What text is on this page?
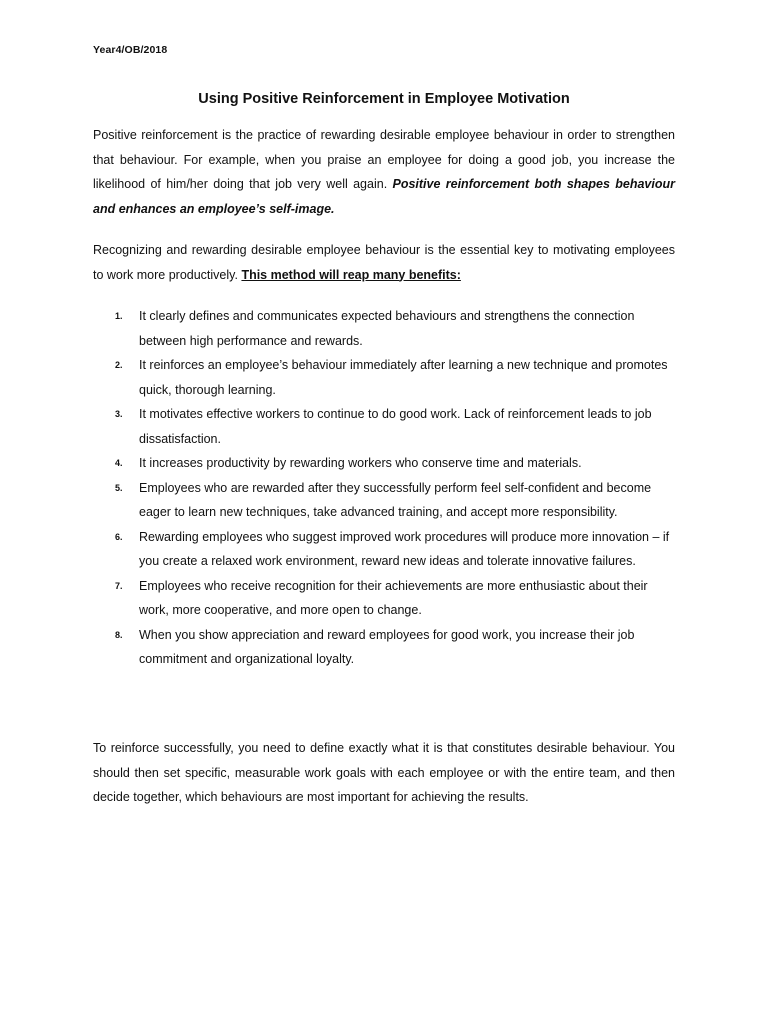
Year4/OB/2018
Using Positive Reinforcement in Employee Motivation
Positive reinforcement is the practice of rewarding desirable employee behaviour in order to strengthen that behaviour. For example, when you praise an employee for doing a good job, you increase the likelihood of him/her doing that job very well again. Positive reinforcement both shapes behaviour and enhances an employee’s self-image.
Recognizing and rewarding desirable employee behaviour is the essential key to motivating employees to work more productively. This method will reap many benefits:
1. It clearly defines and communicates expected behaviours and strengthens the connection between high performance and rewards.
2. It reinforces an employee’s behaviour immediately after learning a new technique and promotes quick, thorough learning.
3. It motivates effective workers to continue to do good work. Lack of reinforcement leads to job dissatisfaction.
4. It increases productivity by rewarding workers who conserve time and materials.
5. Employees who are rewarded after they successfully perform feel self-confident and become eager to learn new techniques, take advanced training, and accept more responsibility.
6. Rewarding employees who suggest improved work procedures will produce more innovation – if you create a relaxed work environment, reward new ideas and tolerate innovative failures.
7. Employees who receive recognition for their achievements are more enthusiastic about their work, more cooperative, and more open to change.
8. When you show appreciation and reward employees for good work, you increase their job commitment and organizational loyalty.
To reinforce successfully, you need to define exactly what it is that constitutes desirable behaviour. You should then set specific, measurable work goals with each employee or with the entire team, and then decide together, which behaviours are most important for achieving the results.
